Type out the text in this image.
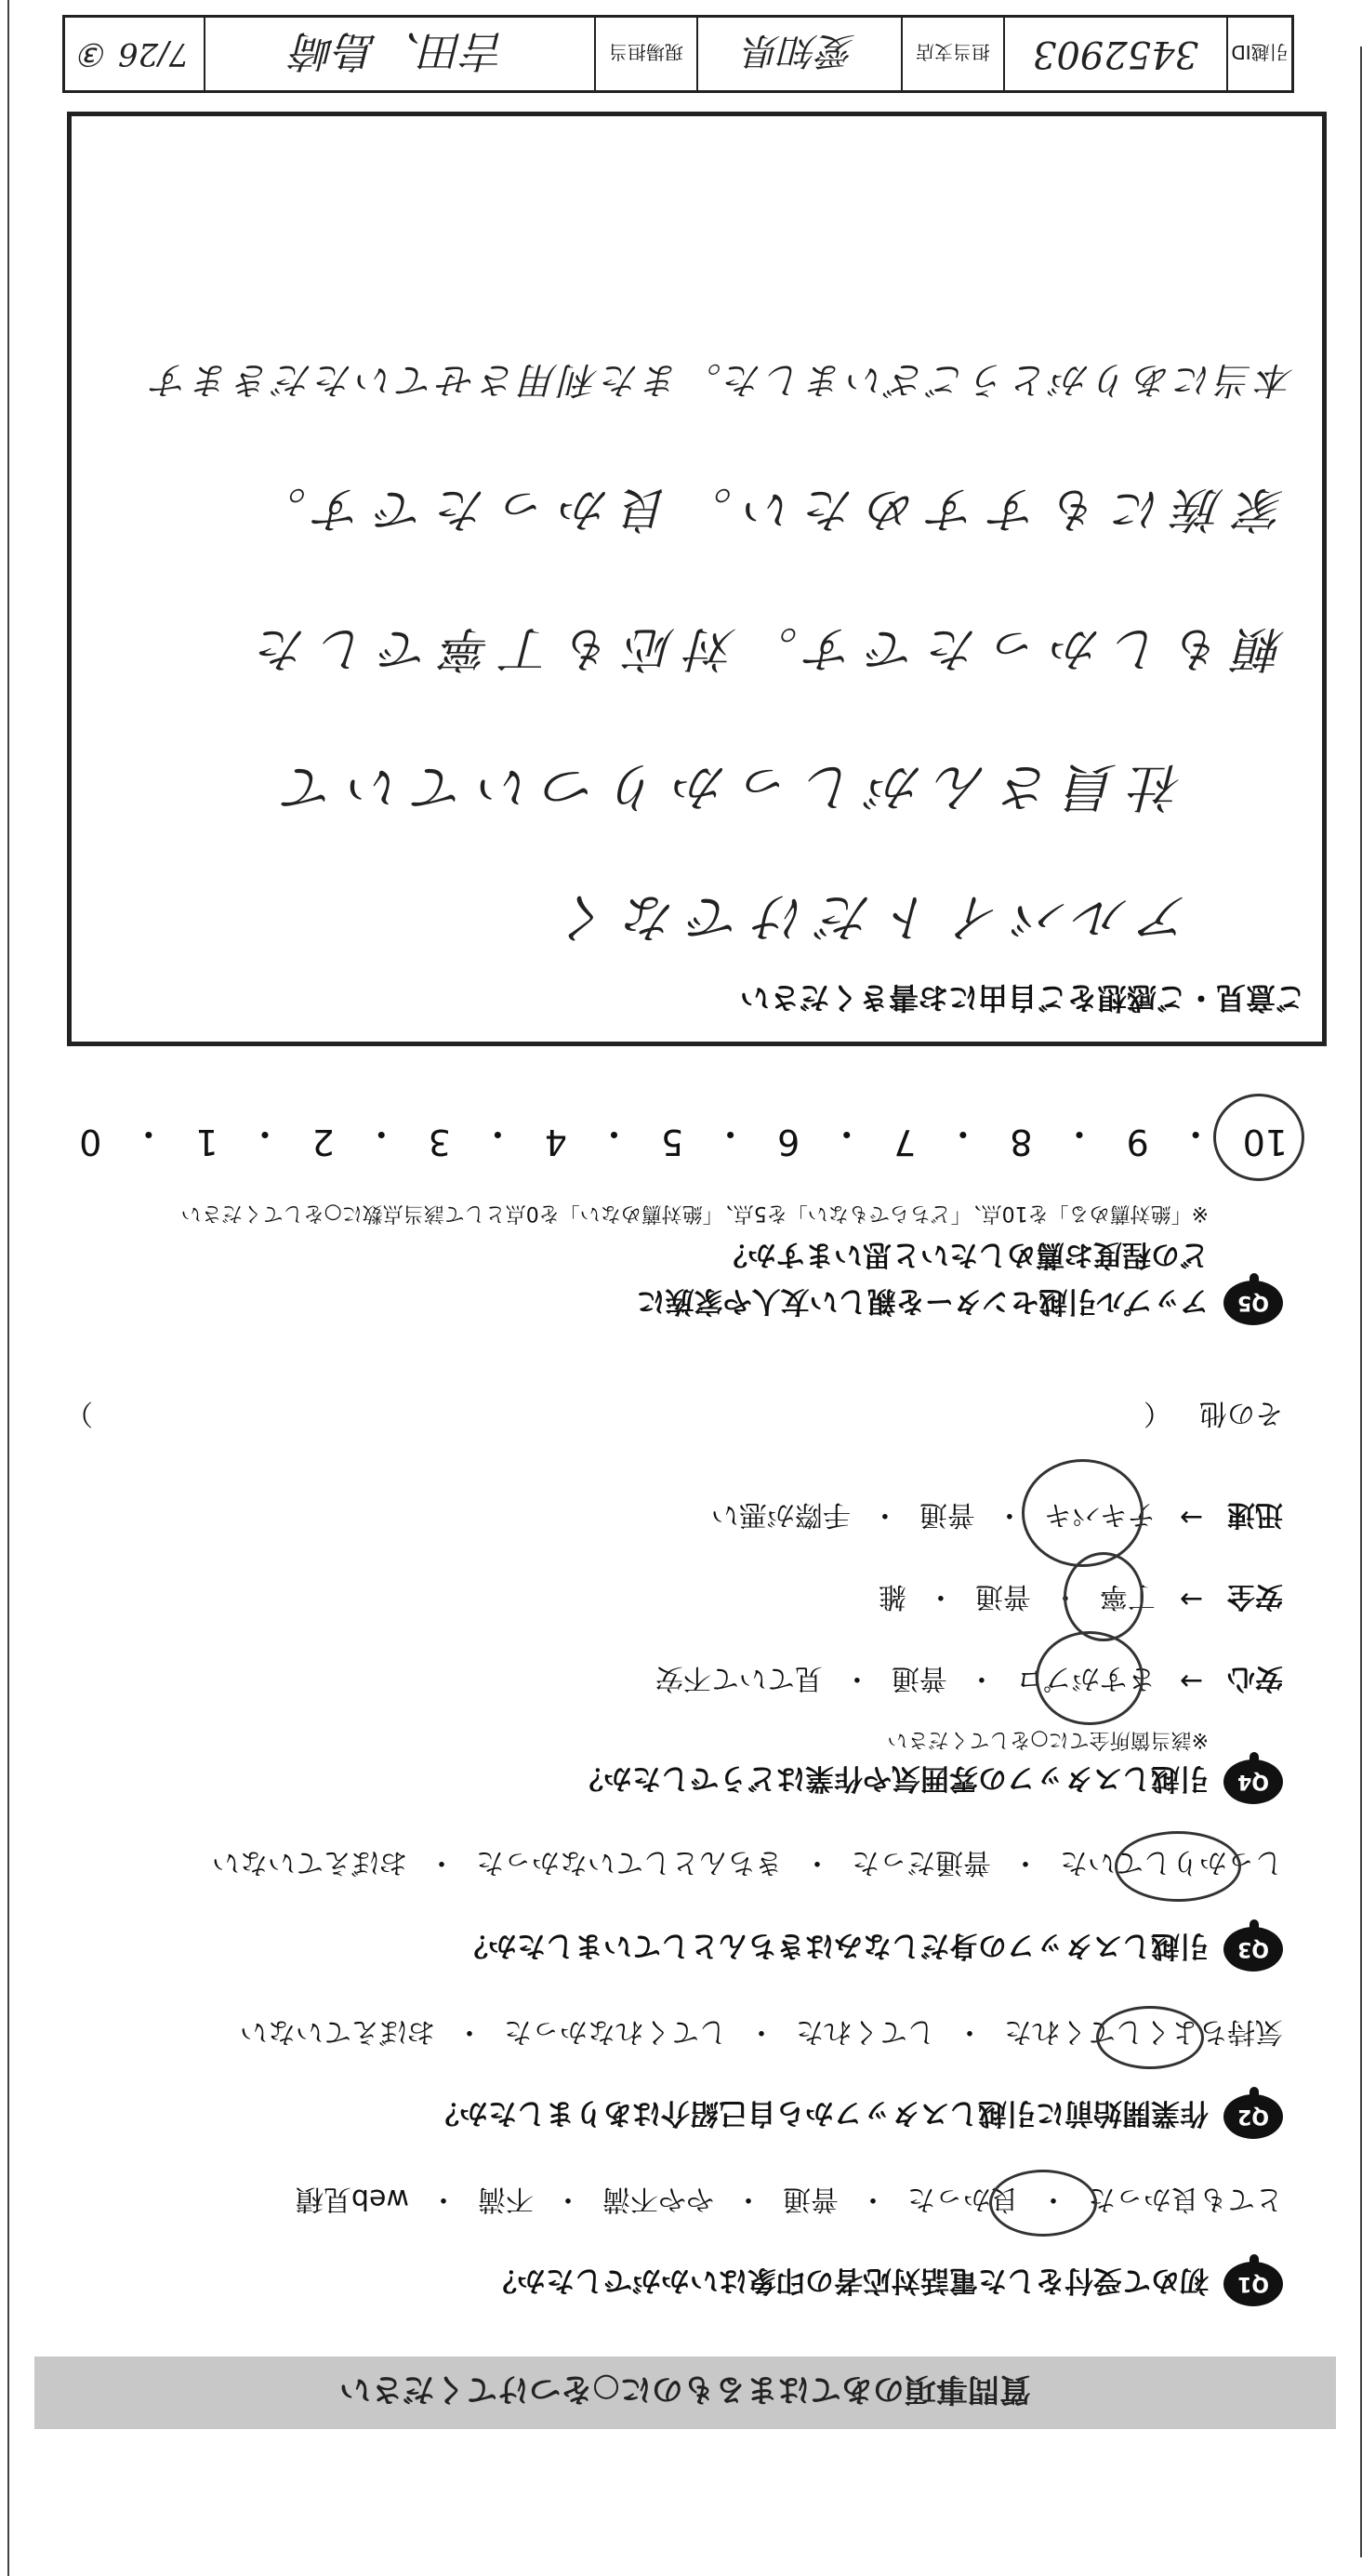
質問事項のあてはまるものに○をつけてください
Q1
初めて受付をした電話対応者の印象はいかがでしたか？
とても良かった
・
良かった
・
普通
・
やや不満
・
不満
・
web見積
Q2
作業開始前に引越しスタッフから自己紹介はありましたか？
気持ちよくしてくれた
・
してくれた
・
してくれなかった
・
おぼえていない
Q3
引越しスタッフの身だしなみはきちんとしていましたか？
しっかりしていた
・
普通だった
・
きちんとしていなかった
・
おぼえていない
Q4
引越しスタッフの雰囲気や作業はどうでしたか？
※該当箇所全てに○をしてください
安心
→
さすがプロ
・
普通
・
見ていて不安
安全
→
丁寧
・
普通
・
雑
迅速
→
テキパキ
・
普通
・
手際が悪い
その他
（
）
Q5
アップル引越センターを親しい友人や家族に
どの程度お薦めしたいと思いますか？
※「絶対薦める」を10点、「どちらでもない」を5点、「絶対薦めない」を0点として該当点数に○をしてください
10
・
9
・
8
・
7
・
6
・
5
・
4
・
3
・
2
・
1
・
0
ご意見・ご感想をご自由にお書きください
アルバイトだけでなく
社員さんがしっかりついていて
頼もしかったです。対応も丁寧でした
家族にもすすめたい。良かったです。
本当にありがとうございました。また利用させていただきます
引越ID
3452903
担当支店
愛知県
現場担当
吉田、島崎
7/26 ③
